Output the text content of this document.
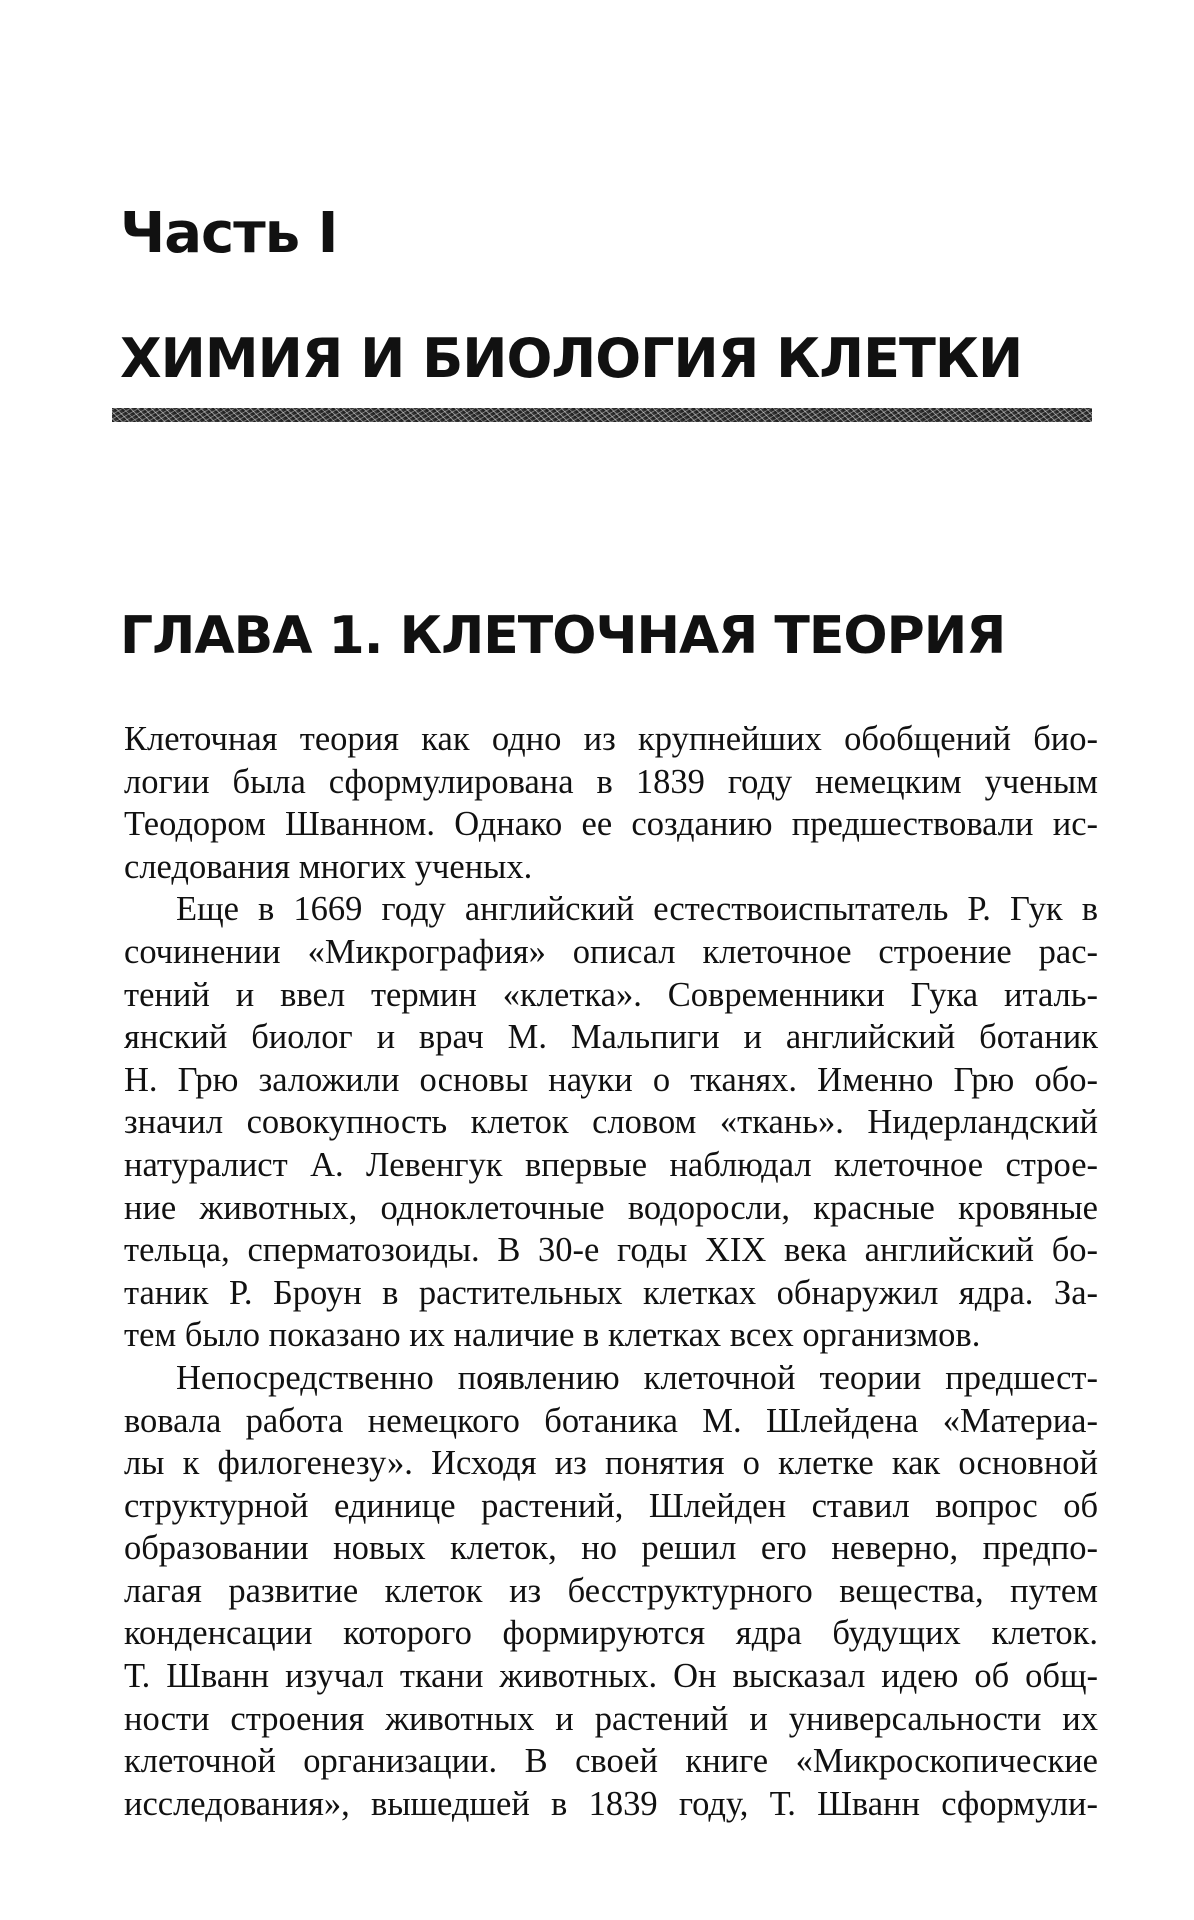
Часть I
ХИМИЯ И БИОЛОГИЯ КЛЕТКИ
ГЛАВА 1. КЛЕТОЧНАЯ ТЕОРИЯ

Клеточная теория как одно из крупнейших обобщений био-
логии была сформулирована в 1839 году немецким ученым
Теодором Шванном. Однако ее созданию предшествовали ис-
следования многих ученых.

Еще в 1669 году английский естествоиспытатель Р. Гук в
сочинении «Микрография» описал клеточное строение рас-
тений и ввел термин «клетка». Современники Гука италь-
янский биолог и врач М. Мальпиги и английский ботаник
Н. Грю заложили основы науки о тканях. Именно Грю обо-
значил совокупность клеток словом «ткань». Нидерландский
натуралист А. Левенгук впервые наблюдал клеточное строе-
ние животных, одноклеточные водоросли, красные кровяные
тельца, сперматозоиды. В 30-е годы XIX века английский бо-
таник Р. Броун в растительных клетках обнаружил ядра. За-
тем было показано их наличие в клетках всех организмов.

Непосредственно появлению клеточной теории предшест-
вовала работа немецкого ботаника М. Шлейдена «Материа-
лы к филогенезу». Исходя из понятия о клетке как основной
структурной единице растений, Шлейден ставил вопрос об
образовании новых клеток, но решил его неверно, предпо-
лагая развитие клеток из бесструктурного вещества, путем
конденсации которого формируются ядра будущих клеток.
Т. Шванн изучал ткани животных. Он высказал идею об общ-
ности строения животных и растений и универсальности их
клеточной организации. В своей книге «Микроскопические
исследования», вышедшей в 1839 году, Т. Шванн сформули-
